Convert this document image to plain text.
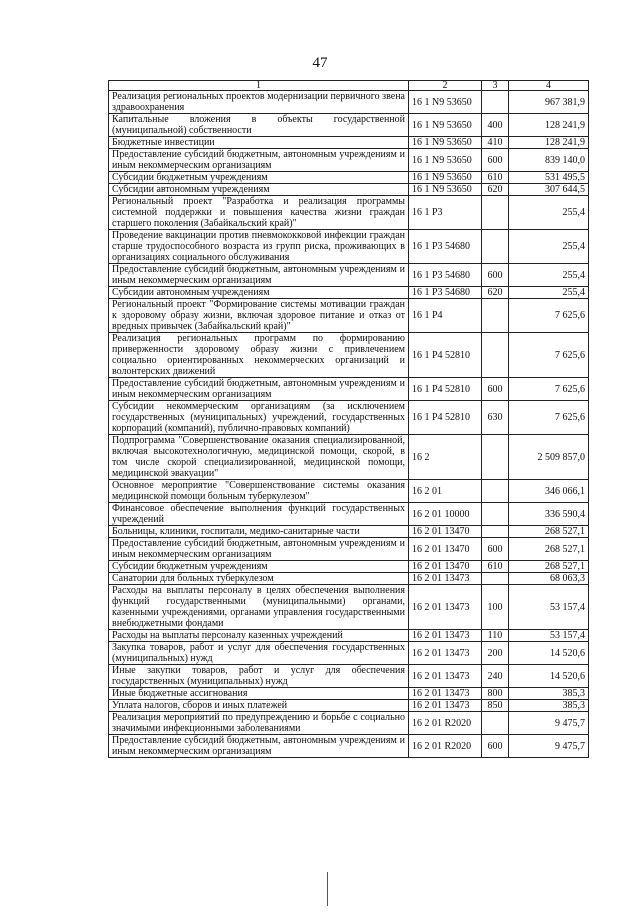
47
1	2	3	4
Реализация региональных проектов модернизации первичного звена здравоохранения	16 1 N9 53650		967 381,9
Капитальные вложения в объекты государственной (муниципальной) собственности	16 1 N9 53650	400	128 241,9
Бюджетные инвестиции	16 1 N9 53650	410	128 241,9
Предоставление субсидий бюджетным, автономным учреждениям и иным некоммерческим организациям	16 1 N9 53650	600	839 140,0
Субсидии бюджетным учреждениям	16 1 N9 53650	610	531 495,5
Субсидии автономным учреждениям	16 1 N9 53650	620	307 644,5
Региональный проект "Разработка и реализация программы системной поддержки и повышения качества жизни граждан старшего поколения (Забайкальский край)"	16 1 P3		255,4
Проведение вакцинации против пневмококковой инфекции граждан старше трудоспособного возраста из групп риска, проживающих в организациях социального обслуживания	16 1 P3 54680		255,4
Предоставление субсидий бюджетным, автономным учреждениям и иным некоммерческим организациям	16 1 P3 54680	600	255,4
Субсидии автономным учреждениям	16 1 P3 54680	620	255,4
Региональный проект "Формирование системы мотивации граждан к здоровому образу жизни, включая здоровое питание и отказ от вредных привычек (Забайкальский край)"	16 1 P4		7 625,6
Реализация региональных программ по формированию приверженности здоровому образу жизни с привлечением социально ориентированных некоммерческих организаций и волонтерских движений	16 1 P4 52810		7 625,6
Предоставление субсидий бюджетным, автономным учреждениям и иным некоммерческим организациям	16 1 P4 52810	600	7 625,6
Субсидии некоммерческим организациям (за исключением государственных (муниципальных) учреждений, государственных корпораций (компаний), публично-правовых компаний)	16 1 P4 52810	630	7 625,6
Подпрограмма "Совершенствование оказания специализированной, включая высокотехнологичную, медицинской помощи, скорой, в том числе скорой специализированной, медицинской помощи, медицинской эвакуации"	16 2		2 509 857,0
Основное мероприятие "Совершенствование системы оказания медицинской помощи больным туберкулезом"	16 2 01		346 066,1
Финансовое обеспечение выполнения функций государственных учреждений	16 2 01 10000		336 590,4
Больницы, клиники, госпитали, медико-санитарные части	16 2 01 13470		268 527,1
Предоставление субсидий бюджетным, автономным учреждениям и иным некоммерческим организациям	16 2 01 13470	600	268 527,1
Субсидии бюджетным учреждениям	16 2 01 13470	610	268 527,1
Санатории для больных туберкулезом	16 2 01 13473		68 063,3
Расходы на выплаты персоналу в целях обеспечения выполнения функций государственными (муниципальными) органами, казенными учреждениями, органами управления государственными внебюджетными фондами	16 2 01 13473	100	53 157,4
Расходы на выплаты персоналу казенных учреждений	16 2 01 13473	110	53 157,4
Закупка товаров, работ и услуг для обеспечения государственных (муниципальных) нужд	16 2 01 13473	200	14 520,6
Иные закупки товаров, работ и услуг для обеспечения государственных (муниципальных) нужд	16 2 01 13473	240	14 520,6
Иные бюджетные ассигнования	16 2 01 13473	800	385,3
Уплата налогов, сборов и иных платежей	16 2 01 13473	850	385,3
Реализация мероприятий по предупреждению и борьбе с социально значимыми инфекционными заболеваниями	16 2 01 R2020		9 475,7
Предоставление субсидий бюджетным, автономным учреждениям и иным некоммерческим организациям	16 2 01 R2020	600	9 475,7
